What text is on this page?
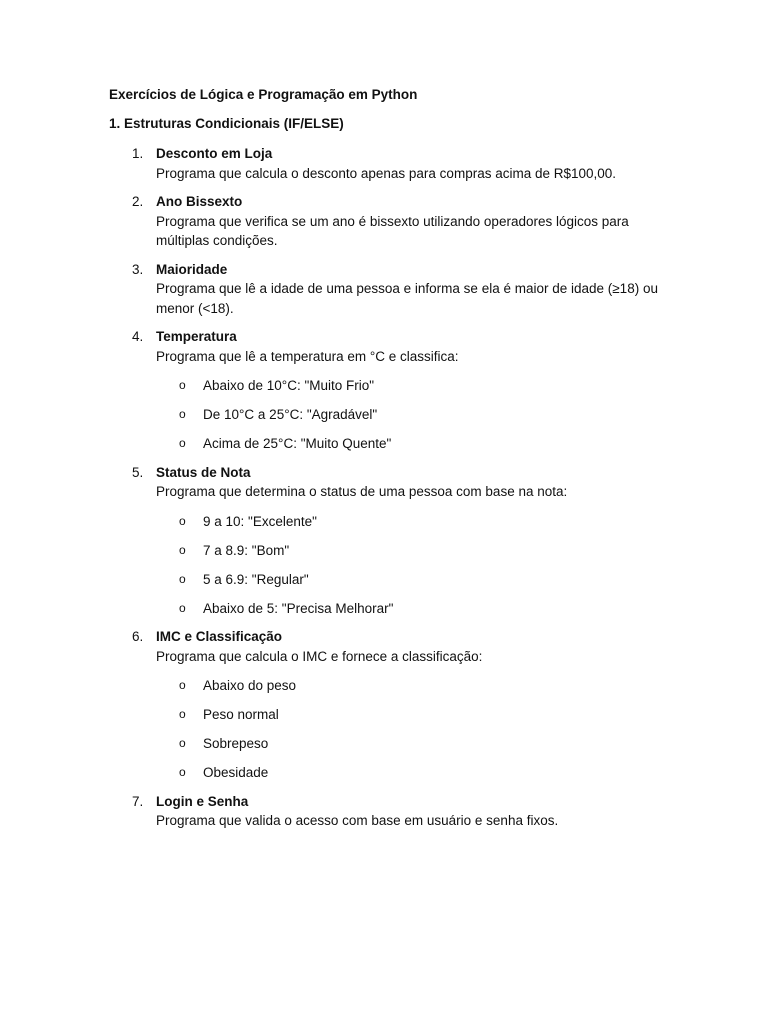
Exercícios de Lógica e Programação em Python
1. Estruturas Condicionais (IF/ELSE)
1. Desconto em Loja
Programa que calcula o desconto apenas para compras acima de R$100,00.
2. Ano Bissexto
Programa que verifica se um ano é bissexto utilizando operadores lógicos para múltiplas condições.
3. Maioridade
Programa que lê a idade de uma pessoa e informa se ela é maior de idade (≥18) ou menor (<18).
4. Temperatura
Programa que lê a temperatura em °C e classifica:
o Abaixo de 10°C: "Muito Frio"
o De 10°C a 25°C: "Agradável"
o Acima de 25°C: "Muito Quente"
5. Status de Nota
Programa que determina o status de uma pessoa com base na nota:
o 9 a 10: "Excelente"
o 7 a 8.9: "Bom"
o 5 a 6.9: "Regular"
o Abaixo de 5: "Precisa Melhorar"
6. IMC e Classificação
Programa que calcula o IMC e fornece a classificação:
o Abaixo do peso
o Peso normal
o Sobrepeso
o Obesidade
7. Login e Senha
Programa que valida o acesso com base em usuário e senha fixos.
